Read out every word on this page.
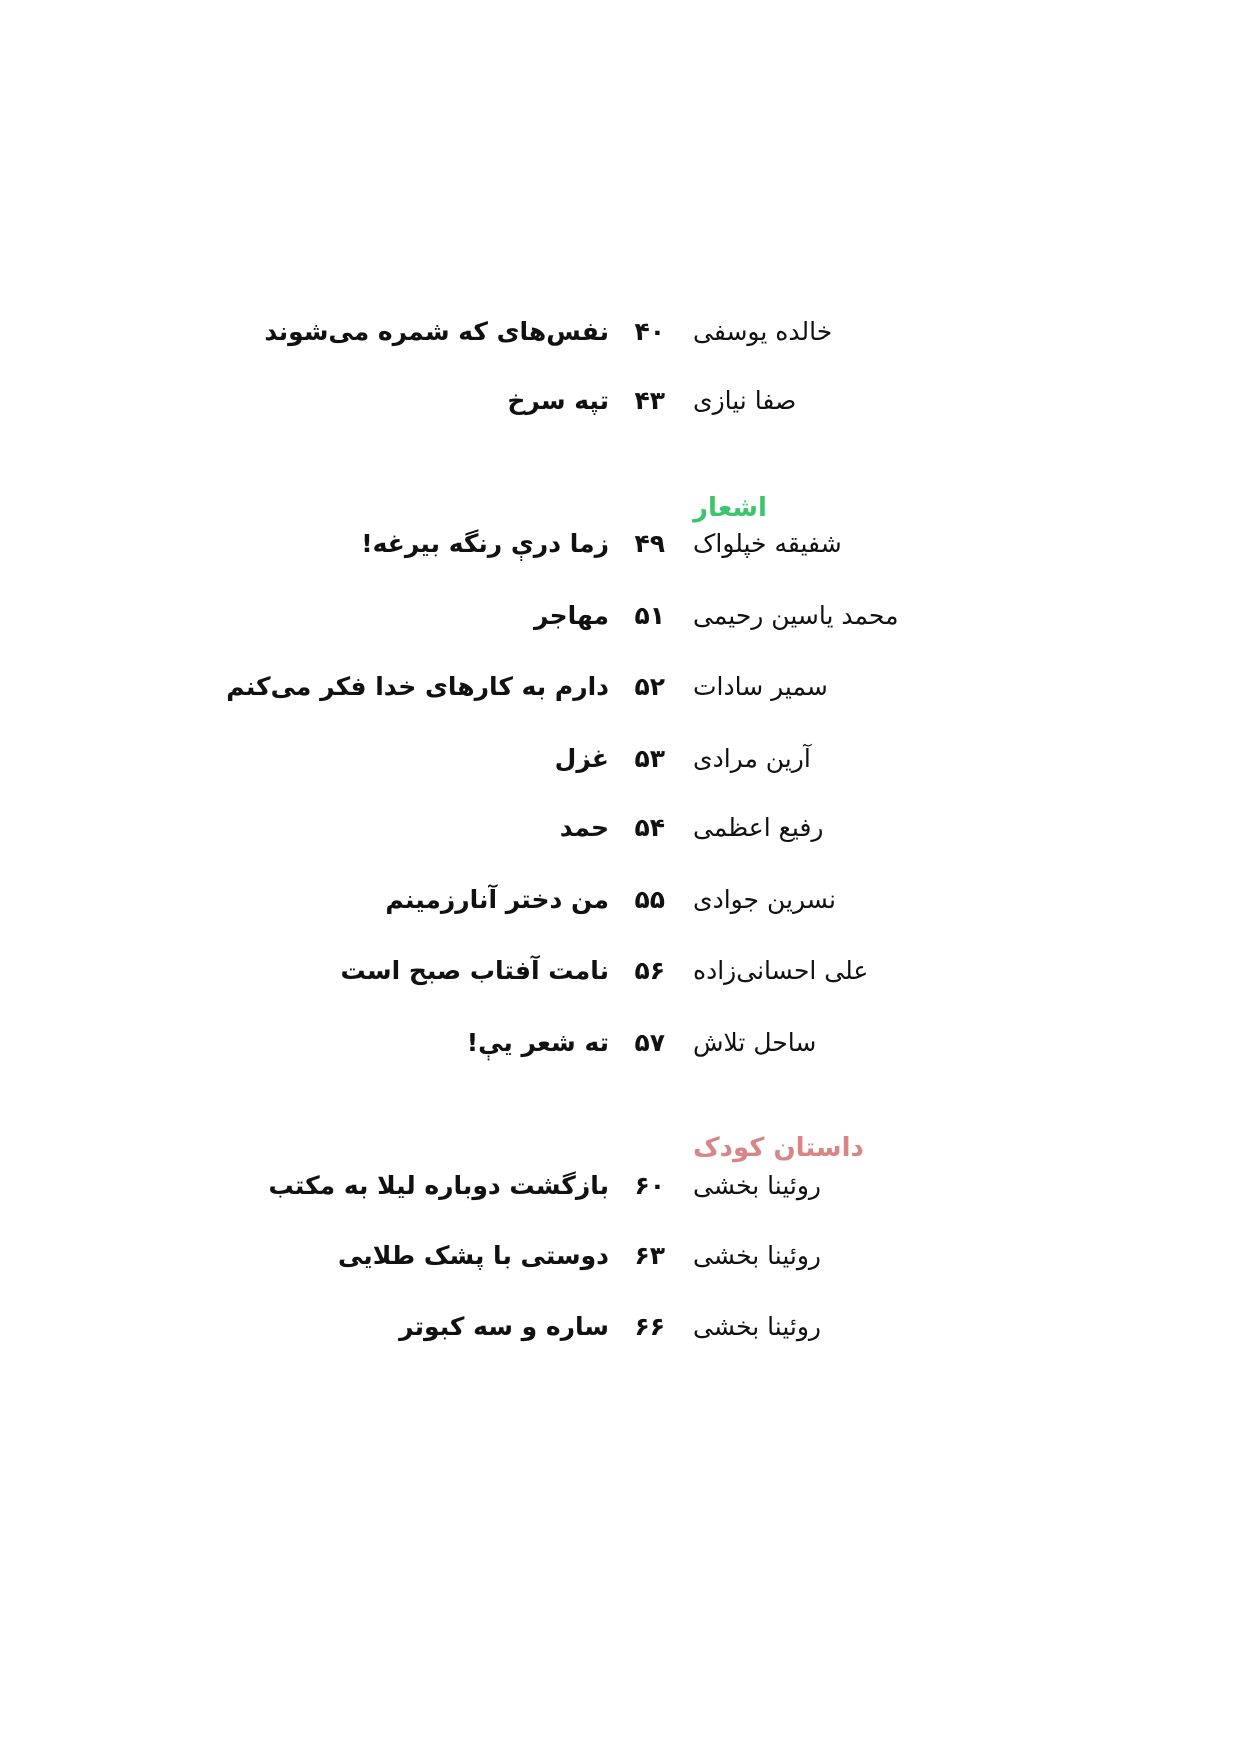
خالده یوسفی
۴۰
نفس‌های که شمره می‌شوند
صفا نیازی
۴۳
تپه سرخ
اشعار
شفیقه خپلواک
۴۹
زما درې رنگه بیرغه!
محمد یاسین رحیمی
۵۱
مهاجر
سمیر سادات
۵۲
دارم به کارهای خدا فکر می‌کنم
آرین مرادی
۵۳
غزل
رفیع اعظمی
۵۴
حمد
نسرین جوادی
۵۵
من دختر آنارزمینم
علی احسانی‌زاده
۵۶
نامت آفتاب صبح است
ساحل تلاش
۵۷
ته شعر یې!
داستان کودک
روئینا بخشی
۶۰
بازگشت دوباره لیلا به مکتب
روئینا بخشی
۶۳
دوستی با پشک طلایی
روئینا بخشی
۶۶
ساره و سه کبوتر
